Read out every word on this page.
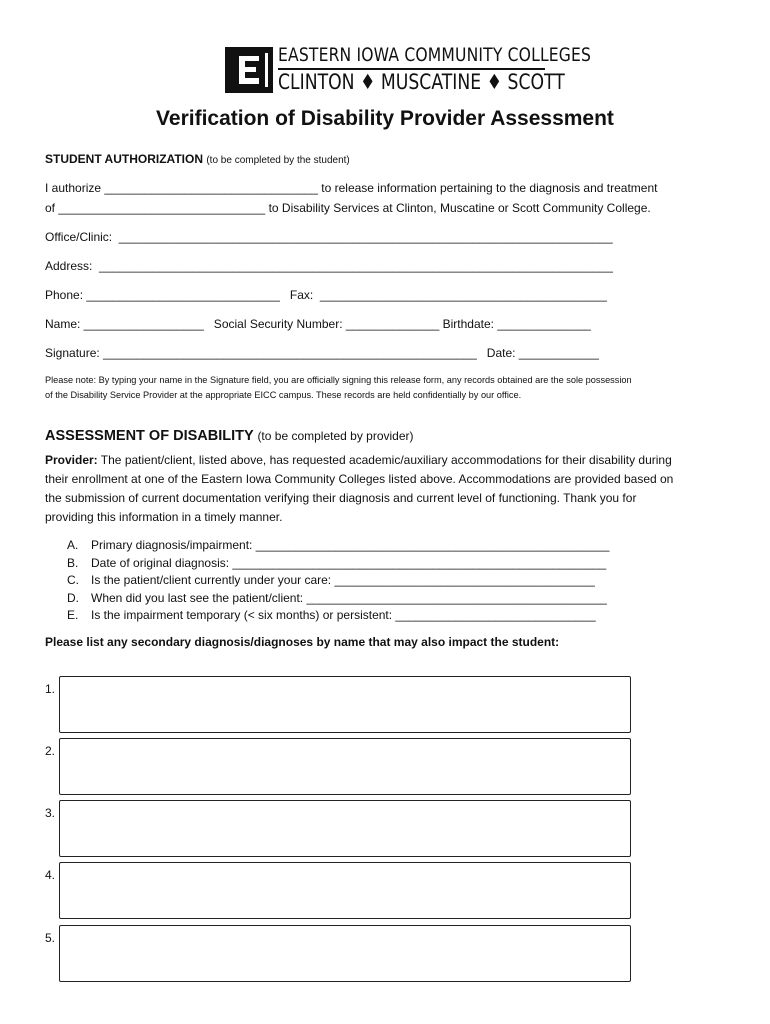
EASTERN IOWA COMMUNITY COLLEGES
CLINTON ♦ MUSCATINE ♦ SCOTT
Verification of Disability Provider Assessment
STUDENT AUTHORIZATION (to be completed by the student)
I authorize ________________________________ to release information pertaining to the diagnosis and treatment
of _______________________________ to Disability Services at Clinton, Muscatine or Scott Community College.
Office/Clinic:  __________________________________________________________________________
Address:  _____________________________________________________________________________
Phone: _____________________________   Fax:  ___________________________________________
Name: __________________   Social Security Number: ______________ Birthdate: ______________
Signature: ________________________________________________________   Date: ____________
Please note: By typing your name in the Signature field, you are officially signing this release form, any records obtained are the sole possession
of the Disability Service Provider at the appropriate EICC campus. These records are held confidentially by our office.
ASSESSMENT OF DISABILITY (to be completed by provider)
Provider: The patient/client, listed above, has requested academic/auxiliary accommodations for their disability during
their enrollment at one of the Eastern Iowa Community Colleges listed above. Accommodations are provided based on
the submission of current documentation verifying their diagnosis and current level of functioning. Thank you for
providing this information in a timely manner.
A. Primary diagnosis/impairment: _____________________________________________________
B. Date of original diagnosis: ________________________________________________________
C. Is the patient/client currently under your care: _______________________________________
D. When did you last see the patient/client: _____________________________________________
E. Is the impairment temporary (< six months) or persistent: ______________________________
Please list any secondary diagnosis/diagnoses by name that may also impact the student:
1.
2.
3.
4.
5.
